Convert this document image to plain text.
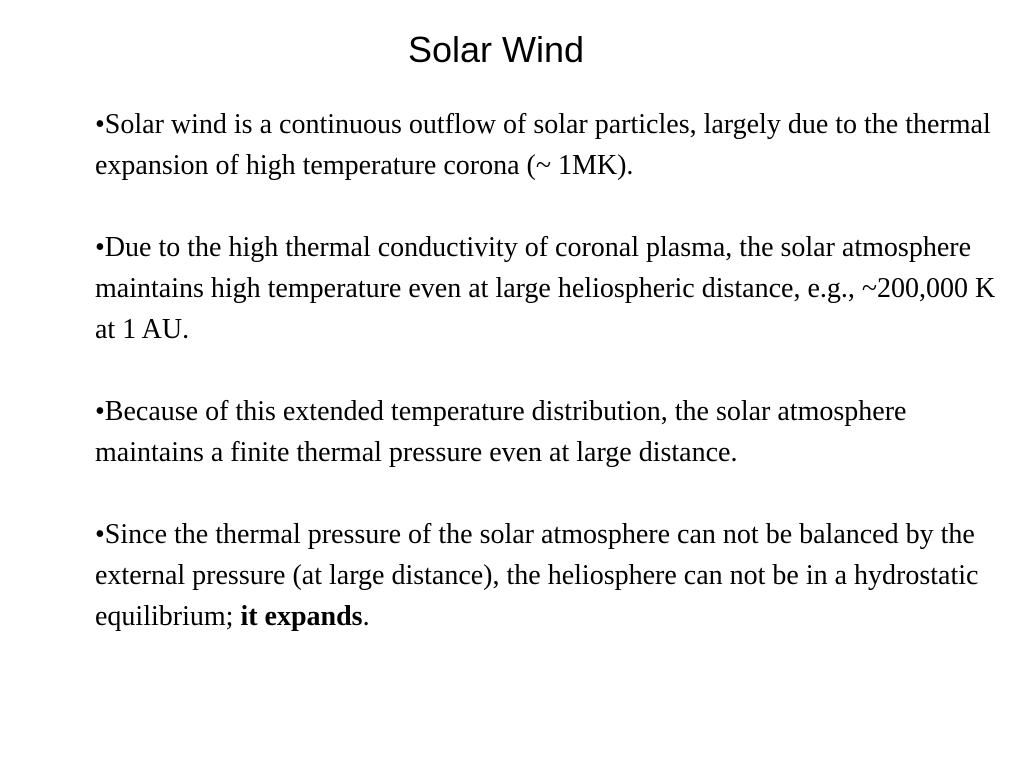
Solar Wind

•Solar wind is a continuous outflow of solar particles, largely due to the thermal expansion of high temperature corona (~ 1MK).

•Due to the high thermal conductivity of coronal plasma, the solar atmosphere maintains high temperature even at large heliospheric distance, e.g., ~200,000 K at 1 AU.

•Because of this extended temperature distribution, the solar atmosphere maintains a finite thermal pressure even at large distance.

•Since the thermal pressure of the solar atmosphere can not be balanced by the external pressure (at large distance), the heliosphere can not be in a hydrostatic equilibrium; it expands.
